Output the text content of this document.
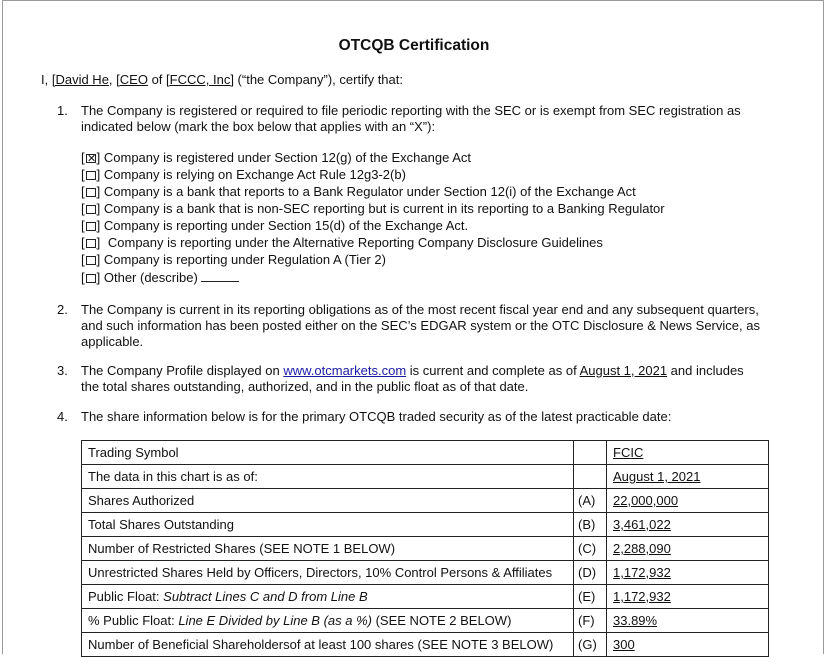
OTCQB Certification
I, [David He, [CEO of [FCCC, Inc] (“the Company”), certify that:
1. The Company is registered or required to file periodic reporting with the SEC or is exempt from SEC registration as
indicated below (mark the box below that applies with an “X”):
[ ✕ ] Company is registered under Section 12(g) of the Exchange Act
[ ] Company is relying on Exchange Act Rule 12g3-2(b)
[ ] Company is a bank that reports to a Bank Regulator under Section 12(i) of the Exchange Act
[ ] Company is a bank that is non-SEC reporting but is current in its reporting to a Banking Regulator
[ ] Company is reporting under Section 15(d) of the Exchange Act.
[ ] Company is reporting under the Alternative Reporting Company Disclosure Guidelines
[ ] Company is reporting under Regulation A (Tier 2)
[ ] Other (describe)
2. The Company is current in its reporting obligations as of the most recent fiscal year end and any subsequent quarters,
and such information has been posted either on the SEC’s EDGAR system or the OTC Disclosure & News Service, as
applicable.
3. The Company Profile displayed on www.otcmarkets.com is current and complete as of August 1, 2021 and includes
the total shares outstanding, authorized, and in the public float as of that date.
4. The share information below is for the primary OTCQB traded security as of the latest practicable date:
Trading Symbol		FCIC
The data in this chart is as of:		August 1, 2021
Shares Authorized	(A)	22,000,000
Total Shares Outstanding	(B)	3,461,022
Number of Restricted Shares (SEE NOTE 1 BELOW)	(C)	2,288,090
Unrestricted Shares Held by Officers, Directors, 10% Control Persons & Affiliates	(D)	1,172,932
Public Float: Subtract Lines C and D from Line B	(E)	1,172,932
% Public Float: Line E Divided by Line B (as a %) (SEE NOTE 2 BELOW)	(F)	33.89%
Number of Beneficial Shareholdersof at least 100 shares (SEE NOTE 3 BELOW)	(G)	300
